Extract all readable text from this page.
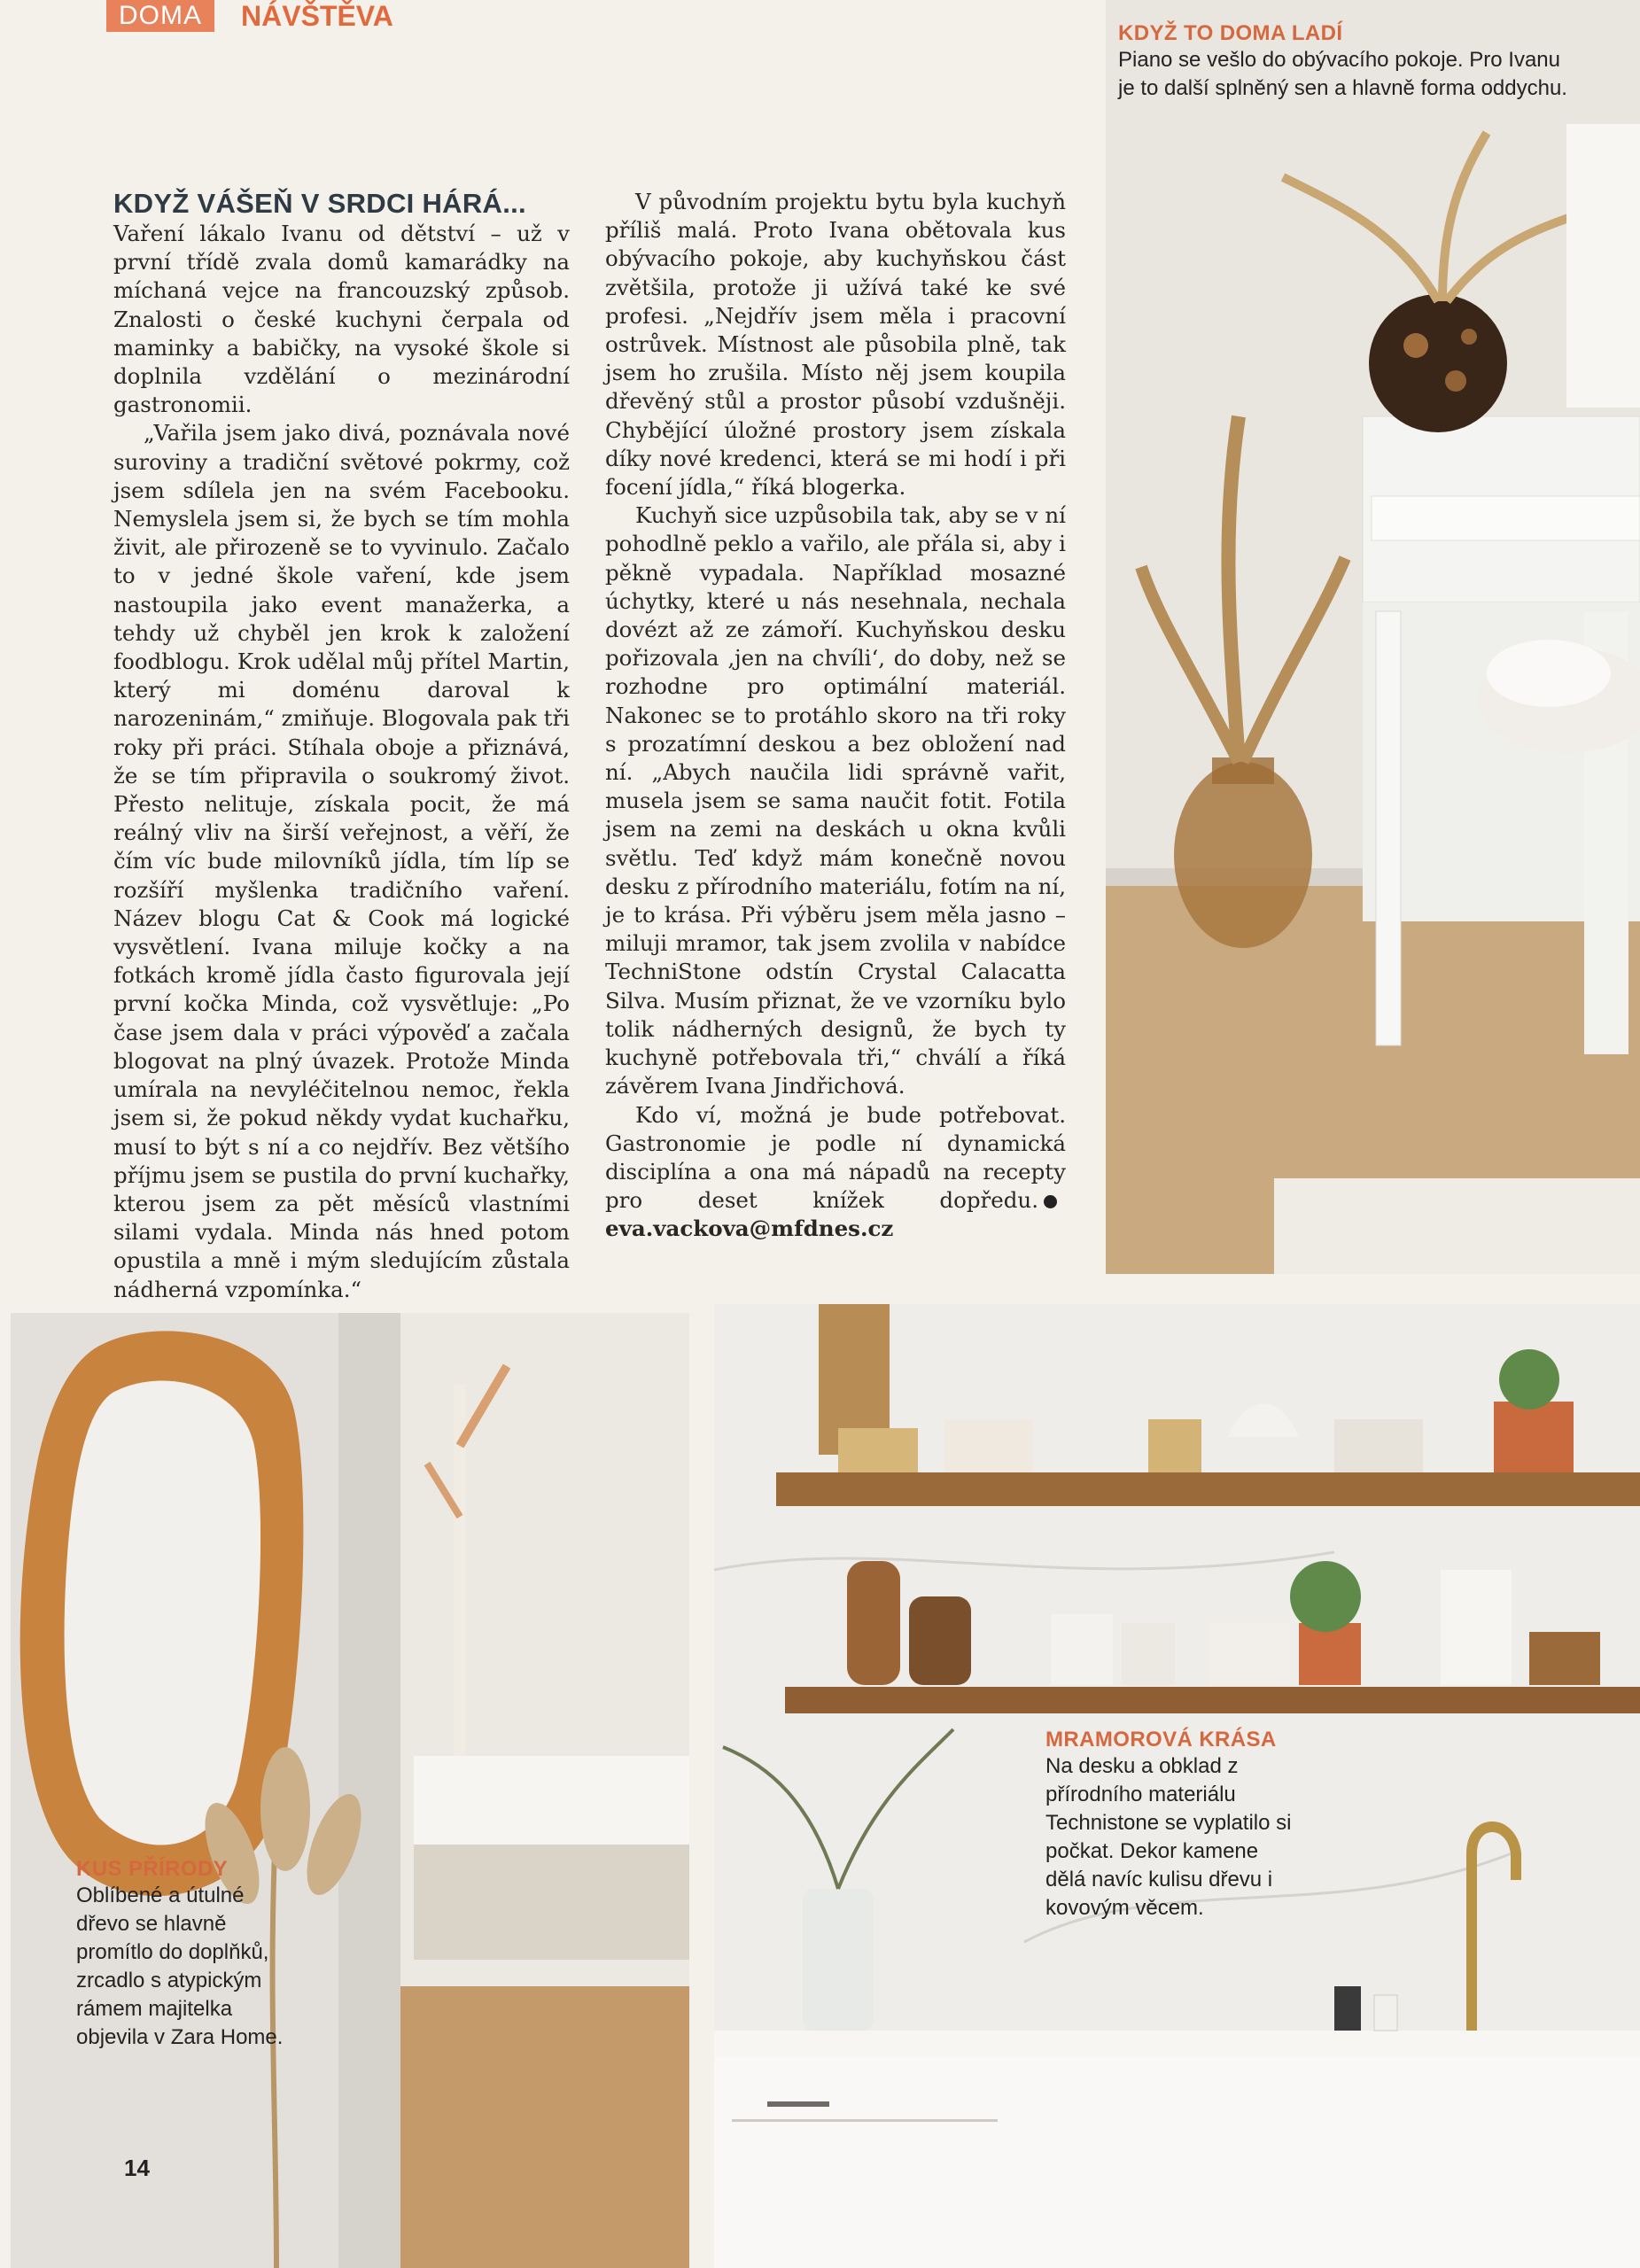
DOMA	NÁVŠTĚVA

KDYŽ TO DOMA LADÍ

Piano se vešlo do obývacího pokoje. Pro Ivanu je to další splněný sen a hlavně forma oddychu.

KDYŽ VÁŠEŇ V SRDCI HÁRÁ...

Vaření lákalo Ivanu od dětství – už v první třídě zvala domů kamarádky na míchaná vejce na francouzský způsob. Znalosti o české kuchyni čerpala od maminky a babičky, na vysoké škole si doplnila vzdělání o mezinárodní gastronomii.

„Vařila jsem jako divá, poznávala nové suroviny a tradiční světové pokrmy, což jsem sdílela jen na svém Facebooku. Nemyslela jsem si, že bych se tím mohla živit, ale přirozeně se to vyvinulo. Začalo to v jedné škole vaření, kde jsem nastoupila jako event manažerka, a tehdy už chyběl jen krok k založení foodblogu. Krok udělal můj přítel Martin, který mi doménu daroval k narozeninám,“ zmiňuje. Blogovala pak tři roky při práci. Stíhala oboje a přiznává, že se tím připravila o soukromý život. Přesto nelituje, získala pocit, že má reálný vliv na širší veřejnost, a věří, že čím víc bude milovníků jídla, tím líp se rozšíří myšlenka tradičního vaření. Název blogu Cat & Cook má logické vysvětlení. Ivana miluje kočky a na fotkách kromě jídla často figurovala její první kočka Minda, což vysvětluje: „Po čase jsem dala v práci výpověď a začala blogovat na plný úvazek. Protože Minda umírala na nevyléčitelnou nemoc, řekla jsem si, že pokud někdy vydat kuchařku, musí to být s ní a co nejdřív. Bez většího příjmu jsem se pustila do první kuchařky, kterou jsem za pět měsíců vlastními silami vydala. Minda nás hned potom opustila a mně i mým sledujícím zůstala nádherná vzpomínka.“

V původním projektu bytu byla kuchyň příliš malá. Proto Ivana obětovala kus obývacího pokoje, aby kuchyňskou část zvětšila, protože ji užívá také ke své profesi. „Nejdřív jsem měla i pracovní ostrůvek. Místnost ale působila plně, tak jsem ho zrušila. Místo něj jsem koupila dřevěný stůl a prostor působí vzdušněji. Chybějící úložné prostory jsem získala díky nové kredenci, která se mi hodí i při focení jídla,“ říká blogerka.

Kuchyň sice uzpůsobila tak, aby se v ní pohodlně peklo a vařilo, ale přála si, aby i pěkně vypadala. Například mosazné úchytky, které u nás nesehnala, nechala dovézt až ze zámoří. Kuchyňskou desku pořizovala ‚jen na chvíli‘, do doby, než se rozhodne pro optimální materiál. Nakonec se to protáhlo skoro na tři roky s prozatímní deskou a bez obložení nad ní. „Abych naučila lidi správně vařit, musela jsem se sama naučit fotit. Fotila jsem na zemi na deskách u okna kvůli světlu. Teď když mám konečně novou desku z přírodního materiálu, fotím na ní, je to krása. Při výběru jsem měla jasno – miluji mramor, tak jsem zvolila v nabídce TechniStone odstín Crystal Calacatta Silva. Musím přiznat, že ve vzorníku bylo tolik nádherných designů, že bych ty kuchyně potřebovala tři,“ chválí a říká závěrem Ivana Jindřichová.

Kdo ví, možná je bude potřebovat. Gastronomie je podle ní dynamická disciplína a ona má nápadů na recepty pro deset knížek dopředu.eva.vackova@mfdnes.cz

KUS PŘÍRODY

Oblíbené a útulné dřevo se hlavně promítlo do doplňků, zrcadlo s atypickým rámem majitelka objevila v Zara Home.

14

MRAMOROVÁ KRÁSA

Na desku a obklad z přírodního materiálu Technistone se vyplatilo si počkat. Dekor kamene dělá navíc kulisu dřevu i kovovým věcem.
